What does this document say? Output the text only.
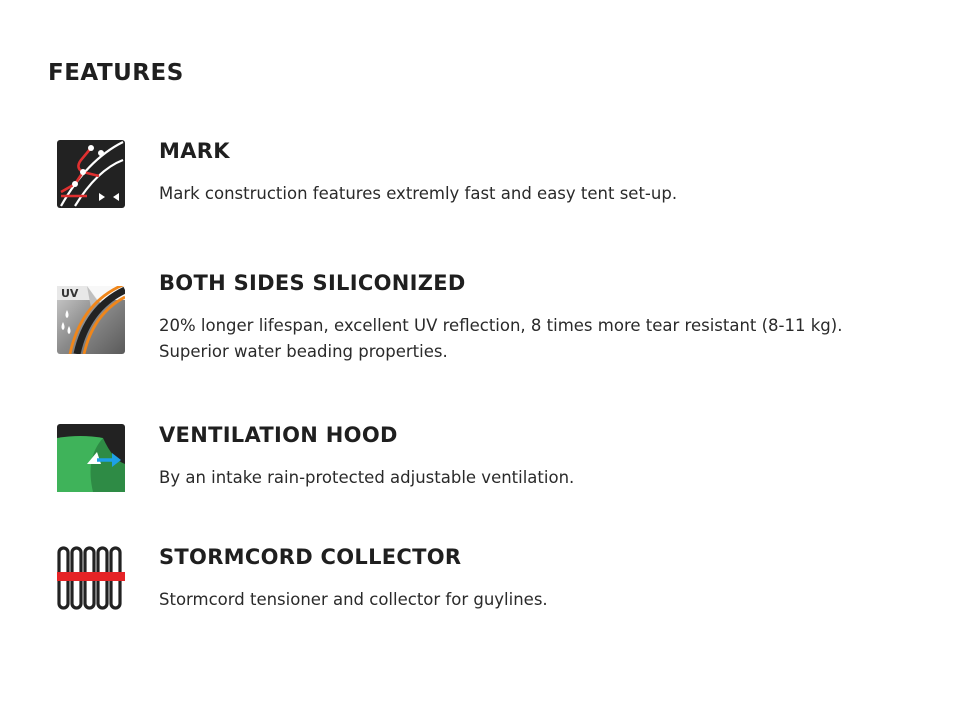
FEATURES
MARK

Mark construction features extremly fast and easy tent set-up.

UV	BOTH SIDES SILICONIZED

20% longer lifespan, excellent UV reflection, 8 times more tear resistant (8-11 kg).
Superior water beading properties.

VENTILATION HOOD

By an intake rain-protected adjustable ventilation.

STORMCORD COLLECTOR

Stormcord tensioner and collector for guylines.
